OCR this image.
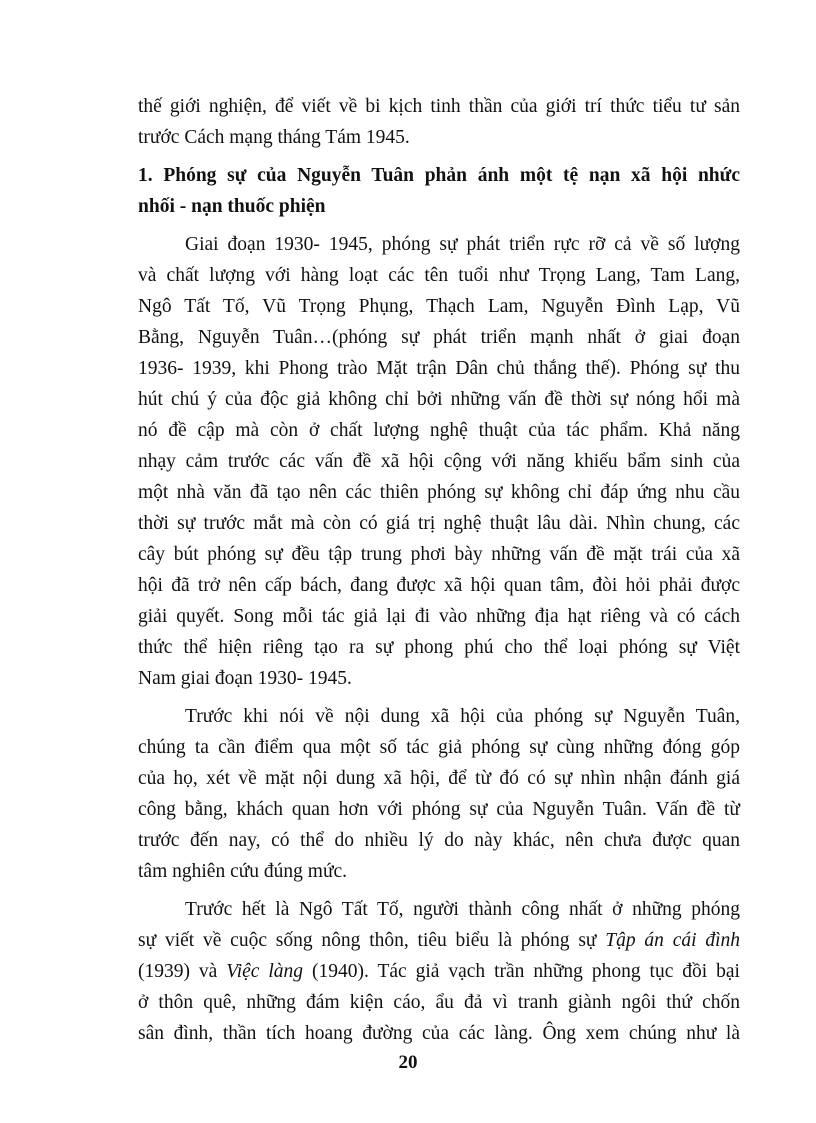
thế giới nghiện, để viết về bi kịch tinh thần của giới trí thức tiểu tư sản
trước Cách mạng tháng Tám 1945.
1. Phóng sự của Nguyễn Tuân phản ánh một tệ nạn xã hội nhức
nhối - nạn thuốc phiện
Giai đoạn 1930- 1945, phóng sự phát triển rực rỡ cả về số lượng
và chất lượng với hàng loạt các tên tuổi như Trọng Lang, Tam Lang,
Ngô Tất Tố, Vũ Trọng Phụng, Thạch Lam, Nguyễn Đình Lạp, Vũ
Bằng, Nguyễn Tuân…(phóng sự phát triển mạnh nhất ở giai đoạn
1936- 1939, khi Phong trào Mặt trận Dân chủ thắng thế). Phóng sự thu
hút chú ý của độc giả không chỉ bởi những vấn đề thời sự nóng hổi mà
nó đề cập mà còn ở chất lượng nghệ thuật của tác phẩm. Khả năng
nhạy cảm trước các vấn đề xã hội cộng với năng khiếu bẩm sinh của
một nhà văn đã tạo nên các thiên phóng sự không chỉ đáp ứng nhu cầu
thời sự trước mắt mà còn có giá trị nghệ thuật lâu dài. Nhìn chung, các
cây bút phóng sự đều tập trung phơi bày những vấn đề mặt trái của xã
hội đã trở nên cấp bách, đang được xã hội quan tâm, đòi hỏi phải được
giải quyết. Song mỗi tác giả lại đi vào những địa hạt riêng và có cách
thức thể hiện riêng tạo ra sự phong phú cho thể loại phóng sự Việt
Nam giai đoạn 1930- 1945.
Trước khi nói về nội dung xã hội của phóng sự Nguyễn Tuân,
chúng ta cần điểm qua một số tác giả phóng sự cùng những đóng góp
của họ, xét về mặt nội dung xã hội, để từ đó có sự nhìn nhận đánh giá
công bằng, khách quan hơn với phóng sự của Nguyễn Tuân. Vấn đề từ
trước đến nay, có thể do nhiều lý do này khác, nên chưa được quan
tâm nghiên cứu đúng mức.
Trước hết là Ngô Tất Tố, người thành công nhất ở những phóng
sự viết về cuộc sống nông thôn, tiêu biểu là phóng sự Tập án cái đình
(1939) và Việc làng (1940). Tác giả vạch trần những phong tục đồi bại
ở thôn quê, những đám kiện cáo, ẩu đả vì tranh giành ngôi thứ chốn
sân đình, thần tích hoang đường của các làng. Ông xem chúng như là
20
